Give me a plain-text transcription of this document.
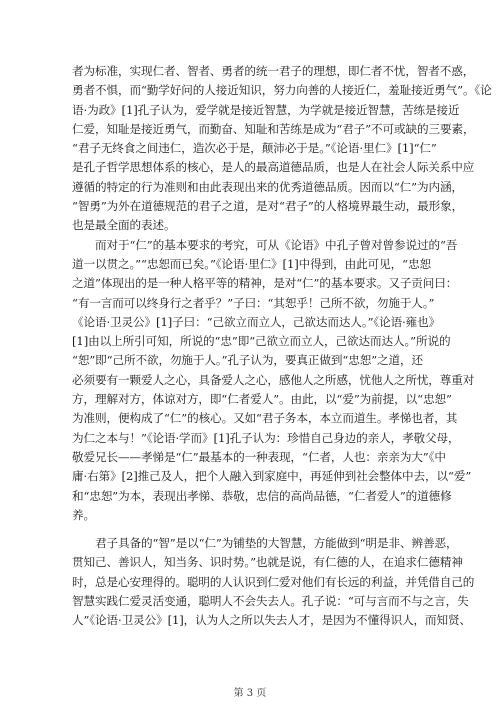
者为标准，实现仁者、智者、勇者的统一君子的理想，即仁者不忧，智者不惑，
勇者不惧，而“勤学好问的人接近知识，努力向善的人接近仁，羞耻接近勇气”。《论
语·为政》[1]孔子认为，爱学就是接近智慧，为学就是接近智慧，苦练是接近
仁爱，知耻是接近勇气，而勤奋、知耻和苦练是成为“君子”不可或缺的三要素，
“君子无终食之间违仁，造次必于是，颠沛必于是。”《论语·里仁》[1]“仁”
是孔子哲学思想体系的核心，是人的最高道德品质，也是人在社会人际关系中应
遵循的特定的行为准则和由此表现出来的优秀道德品质。因而以“仁”为内涵，
“智勇”为外在道德规范的君子之道，是对“君子”的人格境界最生动，最形象，
也是最全面的表述。
　　而对于“仁”的基本要求的考究，可从《论语》中孔子曾对曾参说过的“吾
道一以贯之。”“忠恕而已矣。”《论语·里仁》[1]中得到，由此可见，“忠恕
之道”体现出的是一种人格平等的精神，是对“仁”的基本要求。又子贡问曰：
“有一言而可以终身行之者乎？”子曰：“其恕乎！己所不欲，勿施于人。”
《论语·卫灵公》[1]子曰：“己欲立而立人，己欲达而达人。”《论语·雍也》
[1]由以上所引可知，所说的“忠”即“己欲立而立人，己欲达而达人。”所说的
“恕”即“己所不欲，勿施于人。”孔子认为，要真正做到“忠恕”之道，还
必须要有一颗爱人之心，具备爱人之心，感他人之所感，忧他人之所忧，尊重对
方，理解对方，体谅对方，即“仁者爱人”。由此，以“爱”为前提，以“忠恕”
为准则，便构成了“仁”的核心。又如“君子务本，本立而道生。孝悌也者，其
为仁之本与！”《论语·学而》[1]孔子认为：珍惜自己身边的亲人，孝敬父母，
敬爱兄长——孝悌是“仁”最基本的一种表现，“仁者，人也：亲亲为大”《中
庸·右第》[2]推己及人，把个人融入到家庭中，再延伸到社会整体中去，以“爱”
和“忠恕”为本，表现出孝悌、恭敬，忠信的高尚品德，“仁者爱人”的道德修
养。
　　君子具备的“智”是以“仁”为铺垫的大智慧，方能做到“明是非、辨善恶，
贯知己、善识人，知当务、识时势。”也就是说，有仁德的人，在追求仁德精神
时，总是心安理得的。聪明的人认识到仁爱对他们有长远的利益，并凭借自己的
智慧实践仁爱灵活变通，聪明人不会失去人。孔子说：“可与言而不与之言，失
人”《论语·卫灵公》[1]，认为人之所以失去人才，是因为不懂得识人，而知贤、
第 3 页
